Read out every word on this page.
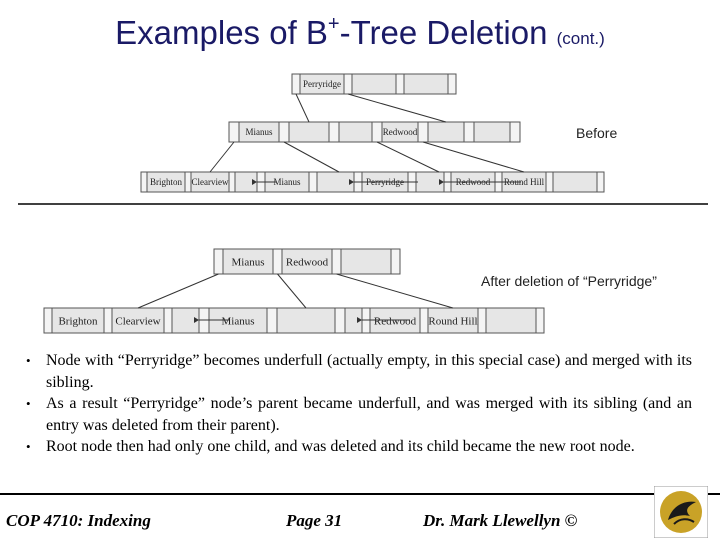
Examples of B+-Tree Deletion (cont.)
Perryridge
Mianus	Redwood
Brighton Clearview	Mianus	Perryridge	Redwood Round Hill
Mianus Redwood
Brighton Clearview	Mianus	Redwood Round Hill
Before
After deletion of “Perryridge”
• Node with “Perryridge” becomes underfull (actually empty, in this special case) and merged with its sibling.
• As a result “Perryridge” node’s parent became underfull, and was merged with its sibling (and an entry was deleted from their parent).
• Root node then had only one child, and was deleted and its child became the new root node.
COP 4710: Indexing	Page 31	Dr. Mark Llewellyn ©
